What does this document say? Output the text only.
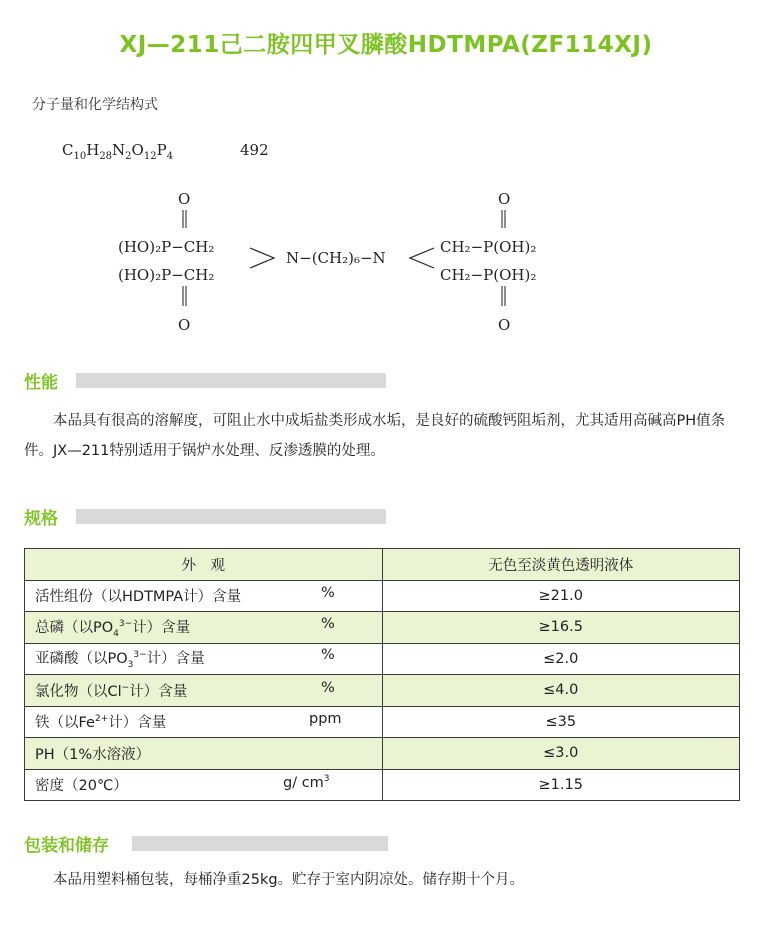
XJ—211己二胺四甲叉膦酸HDTMPA(ZF114XJ)
分子量和化学结构式
$C_{10}H_{28}N_2O_{12}P_4$	492
O	O
(HO)₂P−CH₂
(HO)₂P−CH₂
CH₂−P(OH)₂
CH₂−P(OH)₂
N−(CH₂)₆−N
O	O
性能
本品具有很高的溶解度，可阻止水中成垢盐类形成水垢，是良好的硫酸钙阻垢剂，尤其适用高碱高PH值条件。JX—211特别适用于锅炉水处理、反渗透膜的处理。
规格
外　观	无色至淡黄色透明液体
活性组份（以HDTMPA计）含量 %	≥21.0
总磷（以$PO_4^{3-}$计）含量 %	≥16.5
亚磷酸（以$PO_3^{3-}$计）含量 %	≤2.0
氯化物（以Cl−计）含量 %	≤4.0
铁（以$Fe^{2+}$计）含量 ppm	≤35
PH（1%水溶液）	≤3.0
密度（20℃） g/ $cm^3$	≥1.15
包装和储存
本品用塑料桶包装，每桶净重25kg。贮存于室内阴凉处。储存期十个月。
